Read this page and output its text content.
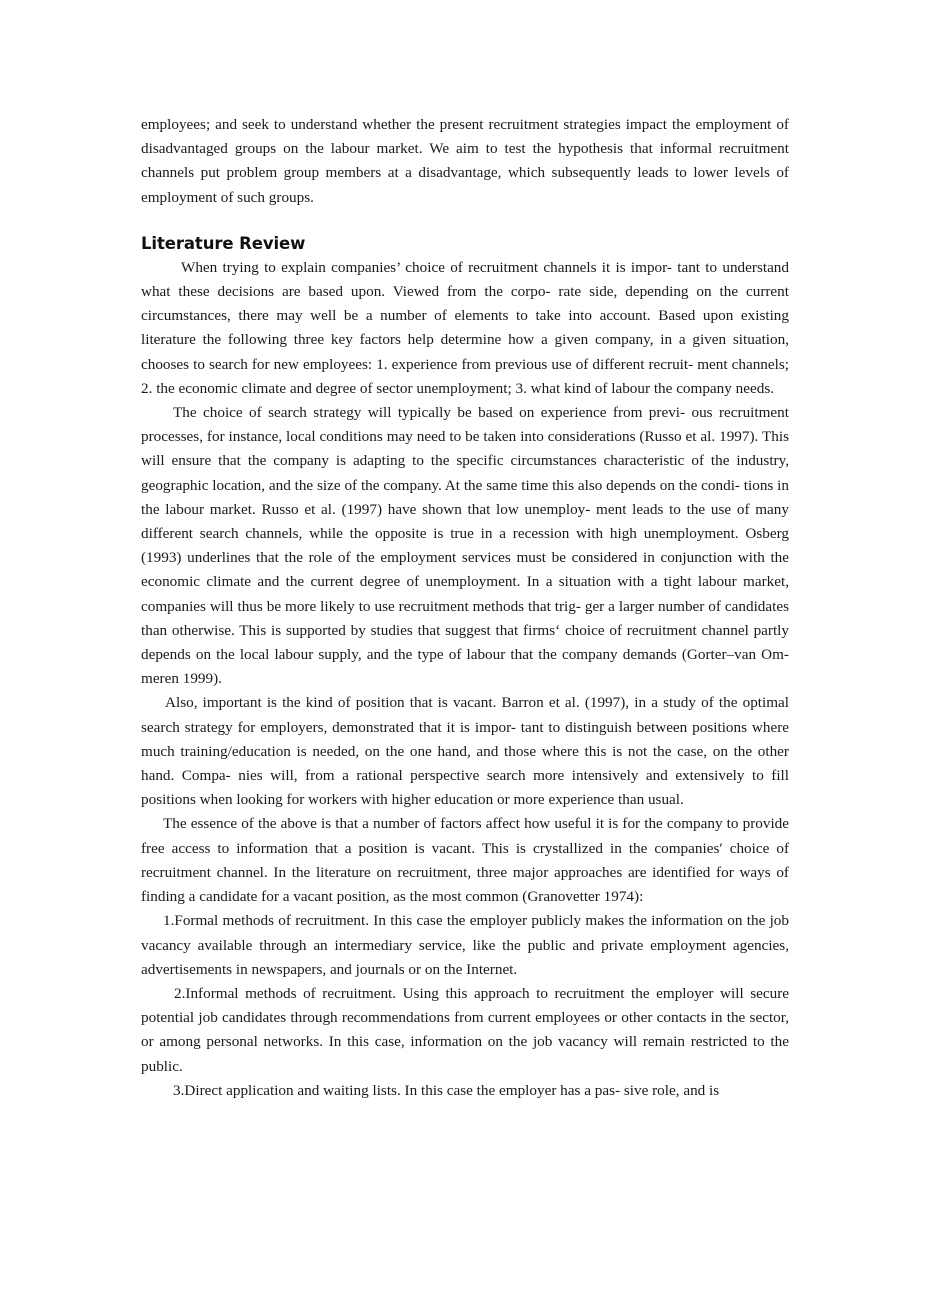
employees; and seek to understand whether the present recruitment strategies impact the employment of disadvantaged groups on the labour market. We aim to test the hypothesis that informal recruitment channels put problem group members at a disadvantage, which subsequently leads to lower levels of employment of such groups.

Literature Review

When trying to explain companies’ choice of recruitment channels it is impor- tant to understand what these decisions are based upon. Viewed from the corpo- rate side, depending on the current circumstances, there may well be a number of elements to take into account. Based upon existing literature the following three key factors help determine how a given company, in a given situation, chooses to search for new employees: 1. experience from previous use of different recruit- ment channels; 2. the economic climate and degree of sector unemployment; 3. what kind of labour the company needs.

The choice of search strategy will typically be based on experience from previ- ous recruitment processes, for instance, local conditions may need to be taken into considerations (Russo et al. 1997). This will ensure that the company is adapting to the specific circumstances characteristic of the industry, geographic location, and the size of the company. At the same time this also depends on the condi- tions in the labour market. Russo et al. (1997) have shown that low unemploy- ment leads to the use of many different search channels, while the opposite is true in a recession with high unemployment. Osberg (1993) underlines that the role of the employment services must be considered in conjunction with the economic climate and the current degree of unemployment. In a situation with a tight labour market, companies will thus be more likely to use recruitment methods that trig- ger a larger number of candidates than otherwise. This is supported by studies that suggest that firms‘ choice of recruitment channel partly depends on the local labour supply, and the type of labour that the company demands (Gorter–van Om- meren 1999).

Also, important is the kind of position that is vacant. Barron et al. (1997), in a study of the optimal search strategy for employers, demonstrated that it is impor- tant to distinguish between positions where much training/education is needed, on the one hand, and those where this is not the case, on the other hand. Compa- nies will, from a rational perspective search more intensively and extensively to fill positions when looking for workers with higher education or more experience than usual.

The essence of the above is that a number of factors affect how useful it is for the company to provide free access to information that a position is vacant. This is crystallized in the companies′ choice of recruitment channel. In the literature on recruitment, three major approaches are identified for ways of finding a candidate for a vacant position, as the most common (Granovetter 1974):

1.Formal methods of recruitment. In this case the employer publicly makes the information on the job vacancy available through an intermediary service, like the public and private employment agencies, advertisements in newspapers, and journals or on the Internet.

2.Informal methods of recruitment. Using this approach to recruitment the employer will secure potential job candidates through recommendations from current employees or other contacts in the sector, or among personal networks. In this case, information on the job vacancy will remain restricted to the public.

3.Direct application and waiting lists. In this case the employer has a pas- sive role, and is
